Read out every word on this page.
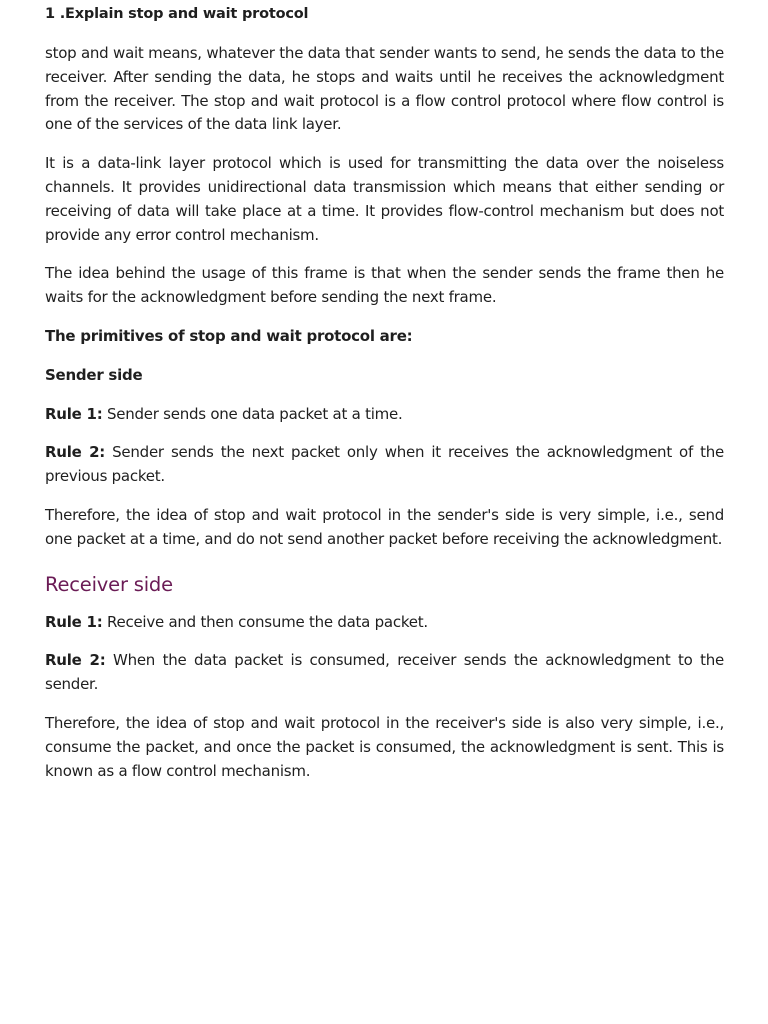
1 .Explain stop and wait protocol

stop and wait means, whatever the data that sender wants to send, he sends the data to the receiver. After sending the data, he stops and waits until he receives the acknowledgment from the receiver. The stop and wait protocol is a flow control protocol where flow control is one of the services of the data link layer.

It is a data-link layer protocol which is used for transmitting the data over the noiseless channels. It provides unidirectional data transmission which means that either sending or receiving of data will take place at a time. It provides flow-control mechanism but does not provide any error control mechanism.

The idea behind the usage of this frame is that when the sender sends the frame then he waits for the acknowledgment before sending the next frame.

The primitives of stop and wait protocol are:

Sender side

Rule 1: Sender sends one data packet at a time.

Rule 2: Sender sends the next packet only when it receives the acknowledgment of the previous packet.

Therefore, the idea of stop and wait protocol in the sender's side is very simple, i.e., send one packet at a time, and do not send another packet before receiving the acknowledgment.

Receiver side

Rule 1: Receive and then consume the data packet.

Rule 2: When the data packet is consumed, receiver sends the acknowledgment to the sender.

Therefore, the idea of stop and wait protocol in the receiver's side is also very simple, i.e., consume the packet, and once the packet is consumed, the acknowledgment is sent. This is known as a flow control mechanism.
